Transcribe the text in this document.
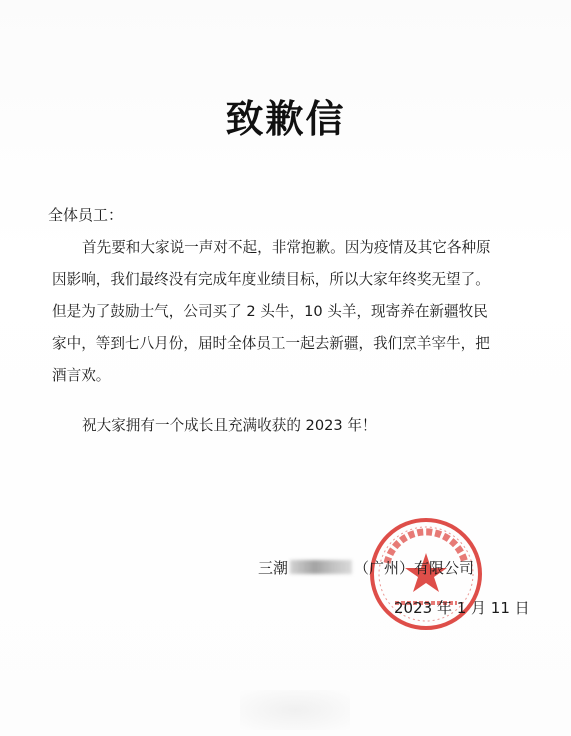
致歉信
全体员工：
首先要和大家说一声对不起，非常抱歉。因为疫情及其它各种原
因影响，我们最终没有完成年度业绩目标，所以大家年终奖无望了。
但是为了鼓励士气，公司买了 2 头牛，10 头羊，现寄养在新疆牧民
家中，等到七八月份，届时全体员工一起去新疆，我们烹羊宰牛，把
酒言欢。
祝大家拥有一个成长且充满收获的 2023 年！
三潮	（广州）有限公司
2023 年 1 月 11 日
